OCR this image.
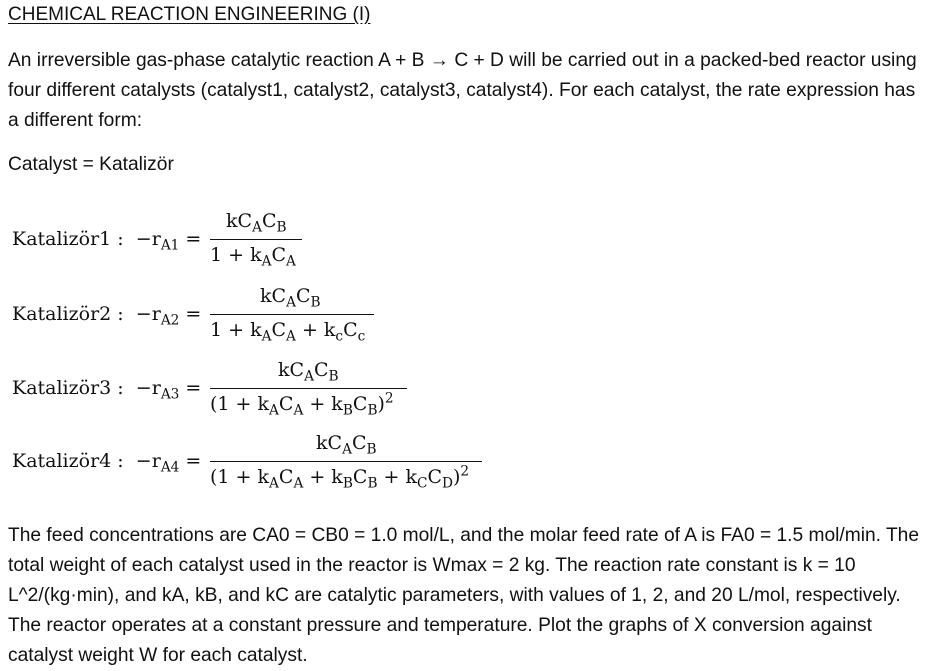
CHEMICAL REACTION ENGINEERING (I)
An irreversible gas-phase catalytic reaction A + B → C + D will be carried out in a packed-bed reactor using four different catalysts (catalyst1, catalyst2, catalyst3, catalyst4). For each catalyst, the rate expression has a different form:
Catalyst = Katalizör
Katalizör1 :  $-r_{A1}$ =
$kC_AC_B$
$1 + k_AC_A$
Katalizör2 :  $-r_{A2}$ =
$kC_AC_B$
$1 + k_AC_A + k_cC_c$
Katalizör3 :  $-r_{A3}$ =
$kC_AC_B$
$(1 + k_AC_A + k_BC_B)^2$
Katalizör4 :  $-r_{A4}$ =
$kC_AC_B$
$(1 + k_AC_A + k_BC_B + k_CC_D)^2$
The feed concentrations are CA0 = CB0 = 1.0 mol/L, and the molar feed rate of A is FA0 = 1.5 mol/min. The total weight of each catalyst used in the reactor is Wmax = 2 kg. The reaction rate constant is k = 10 L^2/(kg·min), and kA, kB, and kC are catalytic parameters, with values of 1, 2, and 20 L/mol, respectively. The reactor operates at a constant pressure and temperature. Plot the graphs of X conversion against catalyst weight W for each catalyst.
